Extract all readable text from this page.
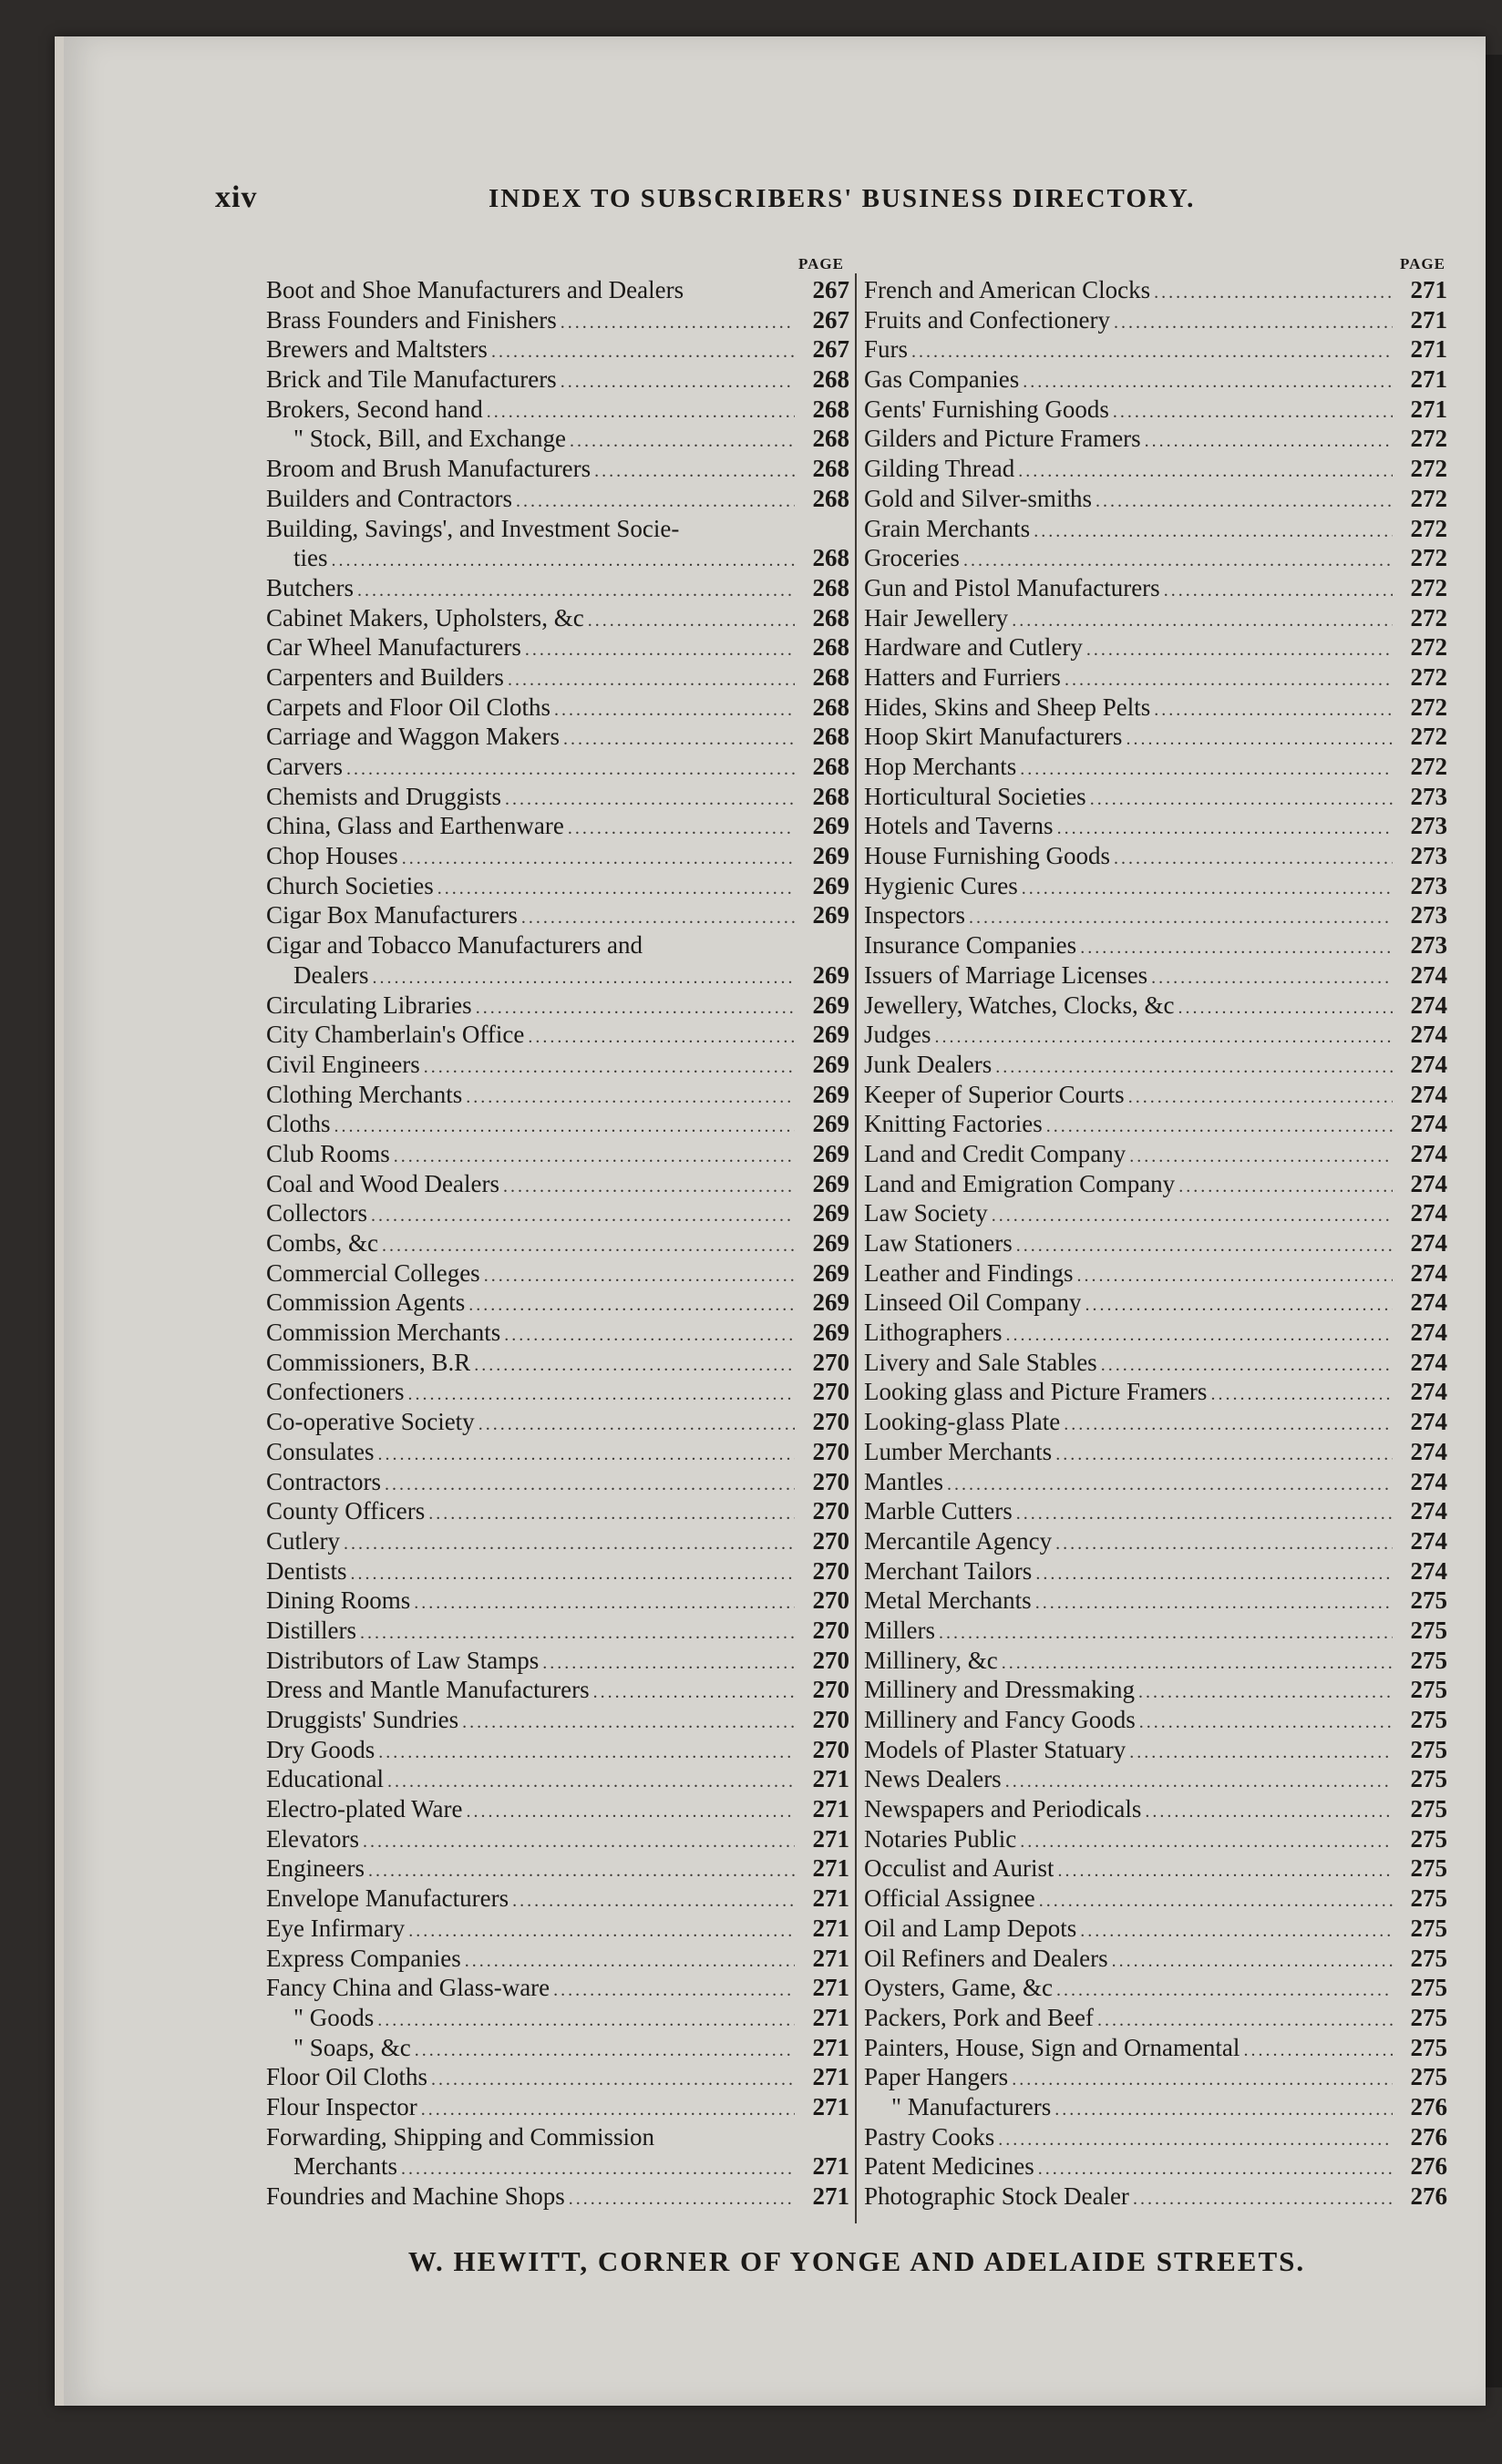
xiv	INDEX TO SUBSCRIBERS' BUSINESS DIRECTORY.
PAGE
Boot and Shoe Manufacturers and Dealers	267
Brass Founders and Finishers .....	267
Brewers and Maltsters .....	267
Brick and Tile Manufacturers .....	268
Brokers, Second hand .....	268
" Stock, Bill, and Exchange .....	268
Broom and Brush Manufacturers .....	268
Builders and Contractors .....	268
Building, Savings', and Investment Socie-
ties .....	268
Butchers .....	268
Cabinet Makers, Upholsters, &c .....	268
Car Wheel Manufacturers .....	268
Carpenters and Builders .....	268
Carpets and Floor Oil Cloths .....	268
Carriage and Waggon Makers .....	268
Carvers .....	268
Chemists and Druggists .....	268
China, Glass and Earthenware .....	269
Chop Houses .....	269
Church Societies .....	269
Cigar Box Manufacturers .....	269
Cigar and Tobacco Manufacturers and
Dealers .....	269
Circulating Libraries .....	269
City Chamberlain's Office .....	269
Civil Engineers .....	269
Clothing Merchants .....	269
Cloths .....	269
Club Rooms .....	269
Coal and Wood Dealers .....	269
Collectors .....	269
Combs, &c .....	269
Commercial Colleges .....	269
Commission Agents .....	269
Commission Merchants .....	269
Commissioners, B.R .....	270
Confectioners .....	270
Co-operative Society .....	270
Consulates .....	270
Contractors .....	270
County Officers .....	270
Cutlery .....	270
Dentists .....	270
Dining Rooms .....	270
Distillers .....	270
Distributors of Law Stamps .....	270
Dress and Mantle Manufacturers .....	270
Druggists' Sundries .....	270
Dry Goods .....	270
Educational .....	271
Electro-plated Ware .....	271
Elevators .....	271
Engineers .....	271
Envelope Manufacturers .....	271
Eye Infirmary .....	271
Express Companies .....	271
Fancy China and Glass-ware .....	271
" Goods .....	271
" Soaps, &c .....	271
Floor Oil Cloths .....	271
Flour Inspector .....	271
Forwarding, Shipping and Commission
Merchants .....	271
Foundries and Machine Shops .....	271
PAGE
French and American Clocks .....	271
Fruits and Confectionery .....	271
Furs .....	271
Gas Companies .....	271
Gents' Furnishing Goods .....	271
Gilders and Picture Framers .....	272
Gilding Thread .....	272
Gold and Silver-smiths .....	272
Grain Merchants .....	272
Groceries .....	272
Gun and Pistol Manufacturers .....	272
Hair Jewellery .....	272
Hardware and Cutlery .....	272
Hatters and Furriers .....	272
Hides, Skins and Sheep Pelts .....	272
Hoop Skirt Manufacturers .....	272
Hop Merchants .....	272
Horticultural Societies .....	273
Hotels and Taverns .....	273
House Furnishing Goods .....	273
Hygienic Cures .....	273
Inspectors .....	273
Insurance Companies .....	273
Issuers of Marriage Licenses .....	274
Jewellery, Watches, Clocks, &c .....	274
Judges .....	274
Junk Dealers .....	274
Keeper of Superior Courts .....	274
Knitting Factories .....	274
Land and Credit Company .....	274
Land and Emigration Company .....	274
Law Society .....	274
Law Stationers .....	274
Leather and Findings .....	274
Linseed Oil Company .....	274
Lithographers .....	274
Livery and Sale Stables .....	274
Looking glass and Picture Framers .....	274
Looking-glass Plate .....	274
Lumber Merchants .....	274
Mantles .....	274
Marble Cutters .....	274
Mercantile Agency .....	274
Merchant Tailors .....	274
Metal Merchants .....	275
Millers .....	275
Millinery, &c .....	275
Millinery and Dressmaking .....	275
Millinery and Fancy Goods .....	275
Models of Plaster Statuary .....	275
News Dealers .....	275
Newspapers and Periodicals .....	275
Notaries Public .....	275
Occulist and Aurist .....	275
Official Assignee .....	275
Oil and Lamp Depots .....	275
Oil Refiners and Dealers .....	275
Oysters, Game, &c .....	275
Packers, Pork and Beef .....	275
Painters, House, Sign and Ornamental .....	275
Paper Hangers .....	275
" Manufacturers .....	276
Pastry Cooks .....	276
Patent Medicines .....	276
Photographic Stock Dealer .....	276
W. HEWITT, CORNER OF YONGE AND ADELAIDE STREETS.
